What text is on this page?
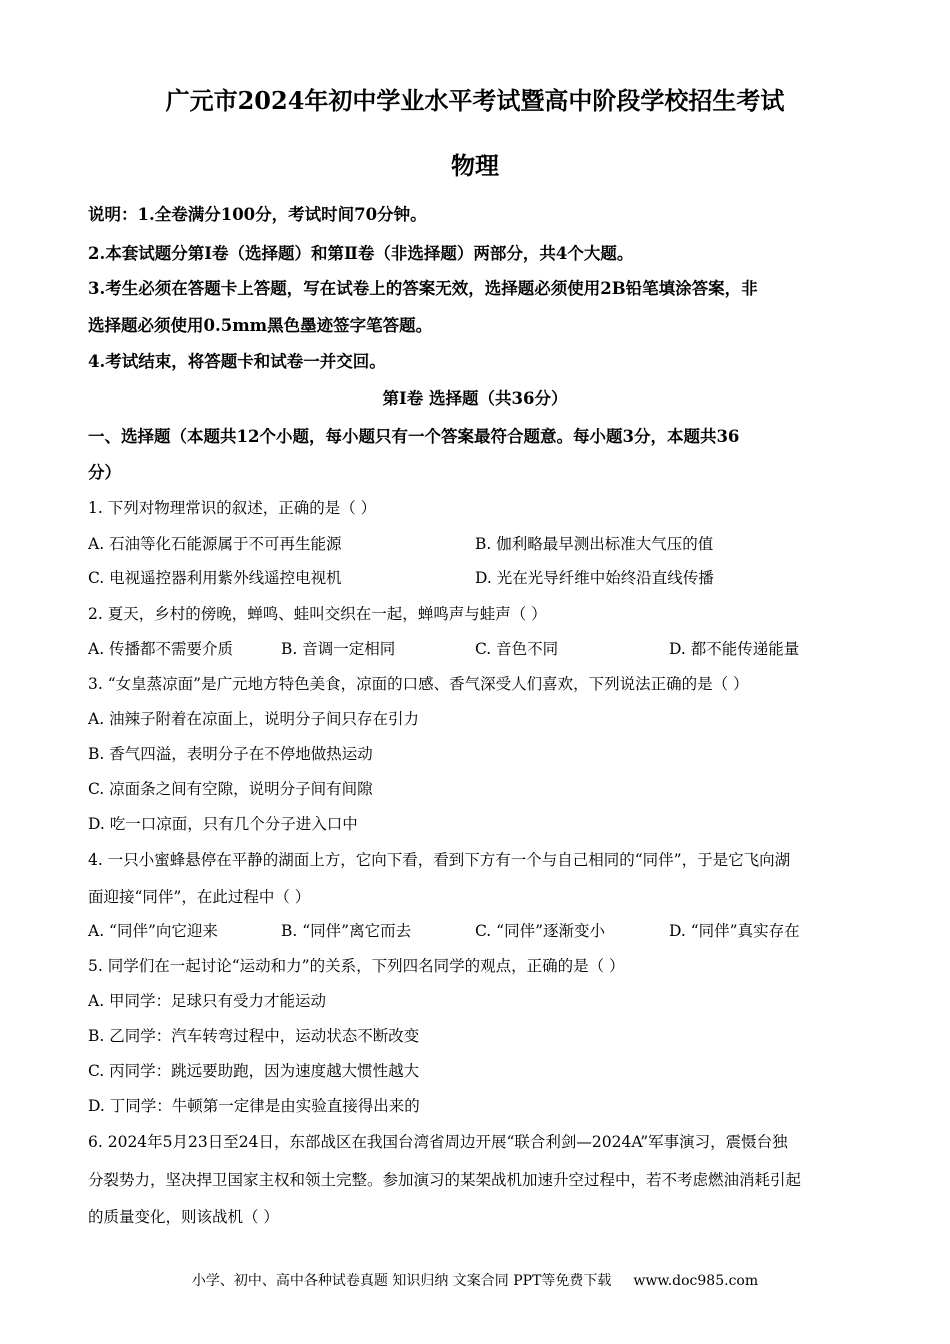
广元市2024年初中学业水平考试暨高中阶段学校招生考试
物理
说明：1.全卷满分100分，考试时间70分钟。
2.本套试题分第Ⅰ卷（选择题）和第Ⅱ卷（非选择题）两部分，共4个大题。
3.考生必须在答题卡上答题，写在试卷上的答案无效，选择题必须使用2B铅笔填涂答案，非
选择题必须使用0.5mm黑色墨迹签字笔答题。
4.考试结束，将答题卡和试卷一并交回。
第Ⅰ卷 选择题（共36分）
一、选择题（本题共12个小题，每小题只有一个答案最符合题意。每小题3分，本题共36
分）
1. 下列对物理常识的叙述，正确的是（ ）
A. 石油等化石能源属于不可再生能源	B. 伽利略最早测出标准大气压的值
C. 电视遥控器利用紫外线遥控电视机	D. 光在光导纤维中始终沿直线传播
2. 夏天，乡村的傍晚，蝉鸣、蛙叫交织在一起，蝉鸣声与蛙声（ ）
A. 传播都不需要介质	B. 音调一定相同	C. 音色不同	D. 都不能传递能量
3. “女皇蒸凉面”是广元地方特色美食，凉面的口感、香气深受人们喜欢，下列说法正确的是（ ）
A. 油辣子附着在凉面上，说明分子间只存在引力
B. 香气四溢，表明分子在不停地做热运动
C. 凉面条之间有空隙，说明分子间有间隙
D. 吃一口凉面，只有几个分子进入口中
4. 一只小蜜蜂悬停在平静的湖面上方，它向下看，看到下方有一个与自己相同的“同伴”，于是它飞向湖
面迎接“同伴”，在此过程中（ ）
A. “同伴”向它迎来	B. “同伴”离它而去	C. “同伴”逐渐变小	D. “同伴”真实存在
5. 同学们在一起讨论“运动和力”的关系，下列四名同学的观点，正确的是（ ）
A. 甲同学：足球只有受力才能运动
B. 乙同学：汽车转弯过程中，运动状态不断改变
C. 丙同学：跳远要助跑，因为速度越大惯性越大
D. 丁同学：牛顿第一定律是由实验直接得出来的
6. 2024年5月23日至24日，东部战区在我国台湾省周边开展“联合利剑—2024A”军事演习，震慑台独
分裂势力，坚决捍卫国家主权和领土完整。参加演习的某架战机加速升空过程中，若不考虑燃油消耗引起
的质量变化，则该战机（ ）
小学、初中、高中各种试卷真题 知识归纳 文案合同 PPT等免费下载 www.doc985.com
